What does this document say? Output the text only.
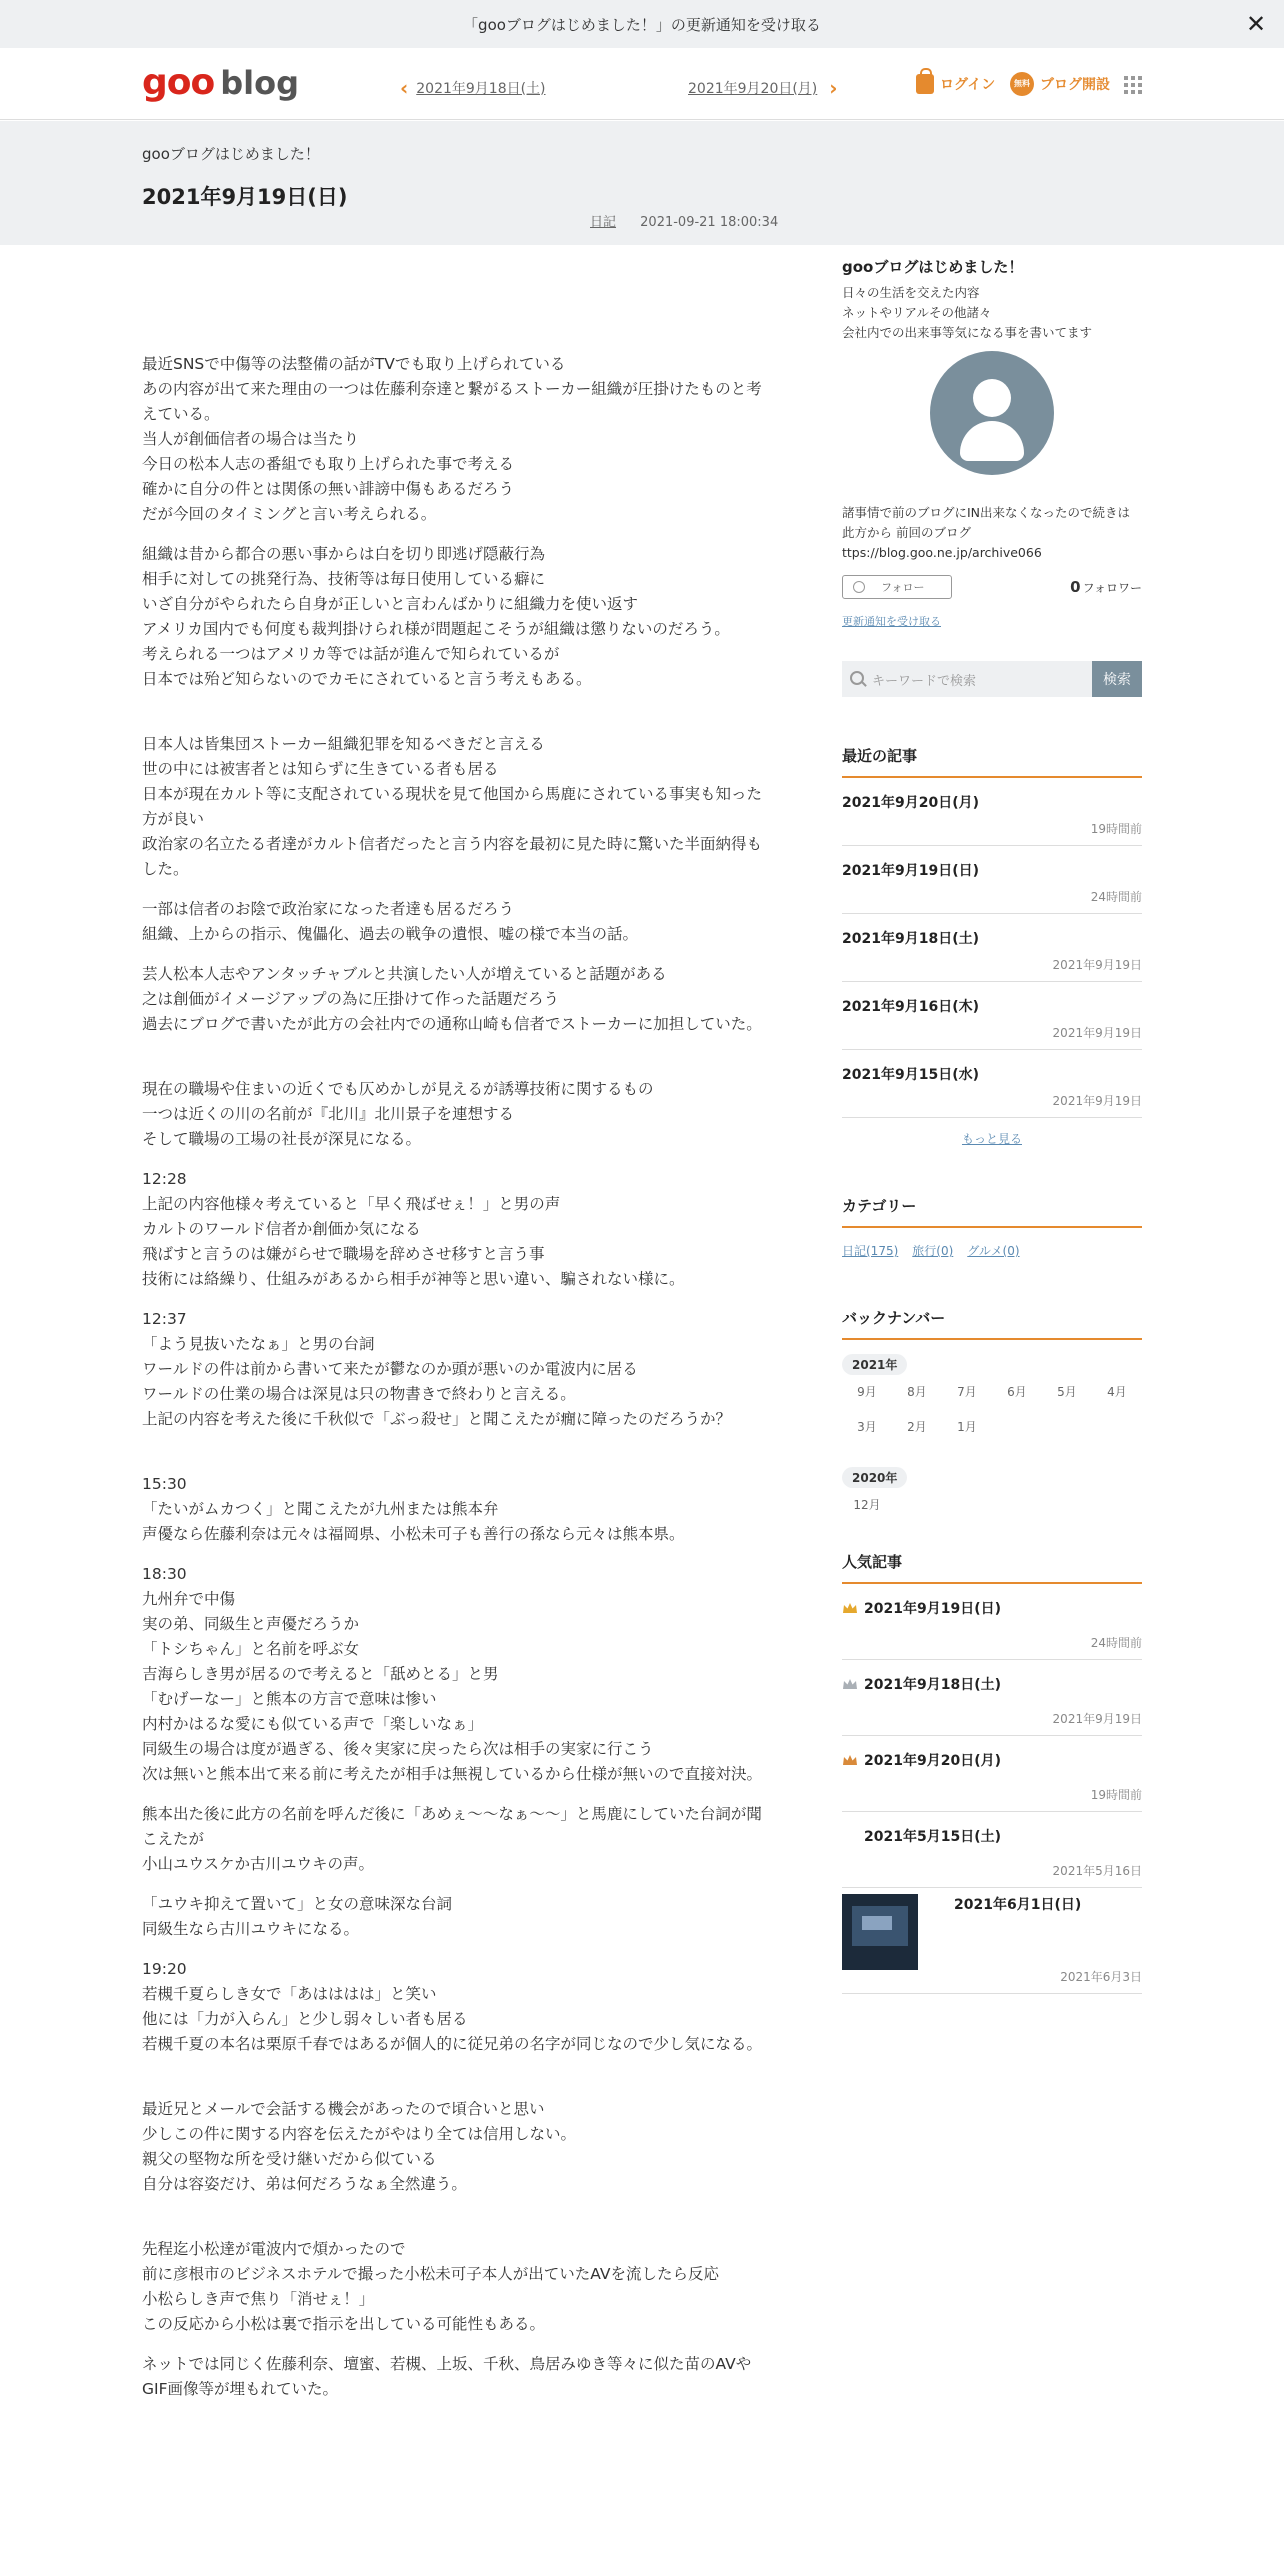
「gooブログはじめました！」の更新通知を受け取る	✕
goo blog	‹ 2021年9月18日(土)	2021年9月20日(月) ›	ログイン	無料 ブログ開設
gooブログはじめました！
2021年9月19日(日)
日記 2021-09-21 18:00:34

最近SNSで中傷等の法整備の話がTVでも取り上げられている
あの内容が出て来た理由の一つは佐藤利奈達と繋がるストーカー組織が圧掛けたものと考えている。
当人が創価信者の場合は当たり
今日の松本人志の番組でも取り上げられた事で考える
確かに自分の件とは関係の無い誹謗中傷もあるだろう
だが今回のタイミングと言い考えられる。

組織は昔から都合の悪い事からは白を切り即逃げ隠蔽行為
相手に対しての挑発行為、技術等は毎日使用している癖に
いざ自分がやられたら自身が正しいと言わんばかりに組織力を使い返す
アメリカ国内でも何度も裁判掛けられ様が問題起こそうが組織は懲りないのだろう。
考えられる一つはアメリカ等では話が進んで知られているが
日本では殆ど知らないのでカモにされていると言う考えもある。

日本人は皆集団ストーカー組織犯罪を知るべきだと言える
世の中には被害者とは知らずに生きている者も居る
日本が現在カルト等に支配されている現状を見て他国から馬鹿にされている事実も知った方が良い
政治家の名立たる者達がカルト信者だったと言う内容を最初に見た時に驚いた半面納得もした。

一部は信者のお陰で政治家になった者達も居るだろう
組織、上からの指示、傀儡化、過去の戦争の遺恨、嘘の様で本当の話。

芸人松本人志やアンタッチャブルと共演したい人が増えていると話題がある
之は創価がイメージアップの為に圧掛けて作った話題だろう
過去にブログで書いたが此方の会社内での通称山崎も信者でストーカーに加担していた。

現在の職場や住まいの近くでも仄めかしが見えるが誘導技術に関するもの
一つは近くの川の名前が『北川』北川景子を連想する
そして職場の工場の社長が深見になる。

12:28
上記の内容他様々考えていると「早く飛ばせぇ！」と男の声
カルトのワールド信者か創価か気になる
飛ばすと言うのは嫌がらせで職場を辞めさせ移すと言う事
技術には絡繰り、仕組みがあるから相手が神等と思い違い、騙されない様に。

12:37
「よう見抜いたなぁ」と男の台詞
ワールドの件は前から書いて来たが鬱なのか頭が悪いのか電波内に居る
ワールドの仕業の場合は深見は只の物書きで終わりと言える。
上記の内容を考えた後に千秋似で「ぶっ殺せ」と聞こえたが癇に障ったのだろうか？

15:30
「たいがムカつく」と聞こえたが九州または熊本弁
声優なら佐藤利奈は元々は福岡県、小松未可子も善行の孫なら元々は熊本県。

18:30
九州弁で中傷
実の弟、同級生と声優だろうか
「トシちゃん」と名前を呼ぶ女
吉海らしき男が居るので考えると「舐めとる」と男
「むげーなー」と熊本の方言で意味は惨い
内村かはるな愛にも似ている声で「楽しいなぁ」
同級生の場合は度が過ぎる、後々実家に戻ったら次は相手の実家に行こう
次は無いと熊本出て来る前に考えたが相手は無視しているから仕様が無いので直接対決。

熊本出た後に此方の名前を呼んだ後に「あめぇ～～なぁ～～」と馬鹿にしていた台詞が聞こえたが
小山ユウスケか古川ユウキの声。

「ユウキ抑えて置いて」と女の意味深な台詞
同級生なら古川ユウキになる。

19:20
若槻千夏らしき女で「あはははは」と笑い
他には「力が入らん」と少し弱々しい者も居る
若槻千夏の本名は栗原千春ではあるが個人的に従兄弟の名字が同じなので少し気になる。

最近兄とメールで会話する機会があったので頃合いと思い
少しこの件に関する内容を伝えたがやはり全ては信用しない。
親父の堅物な所を受け継いだから似ている
自分は容姿だけ、弟は何だろうなぁ全然違う。

先程迄小松達が電波内で煩かったので
前に彦根市のビジネスホテルで撮った小松未可子本人が出ていたAVを流したら反応
小松らしき声で焦り「消せぇ！」
この反応から小松は裏で指示を出している可能性もある。

ネットでは同じく佐藤利奈、壇蜜、若槻、上坂、千秋、鳥居みゆき等々に似た苗のAVやGIF画像等が埋もれていた。

gooブログはじめました！
日々の生活を交えた内容
ネットやリアルその他諸々
会社内での出来事等気になる事を書いてます
諸事情で前のブログにIN出来なくなったので続きは此方から 前回のブログ ttps://blog.goo.ne.jp/archive066
フォロー	0 フォロワー
更新通知を受け取る
キーワードで検索	検索
最近の記事
2021年9月20日(月)
19時間前
2021年9月19日(日)
24時間前
2021年9月18日(土)
2021年9月19日
2021年9月16日(木)
2021年9月19日
2021年9月15日(水)
2021年9月19日
もっと見る
カテゴリー
日記(175) 旅行(0) グルメ(0)
バックナンバー
2021年
9月	8月	7月	6月	5月	4月
3月	2月	1月
2020年
12月
人気記事
2021年9月19日(日)
24時間前
2021年9月18日(土)
2021年9月19日
2021年9月20日(月)
19時間前
2021年5月15日(土)
2021年5月16日
2021年6月1日(日)
2021年6月3日
